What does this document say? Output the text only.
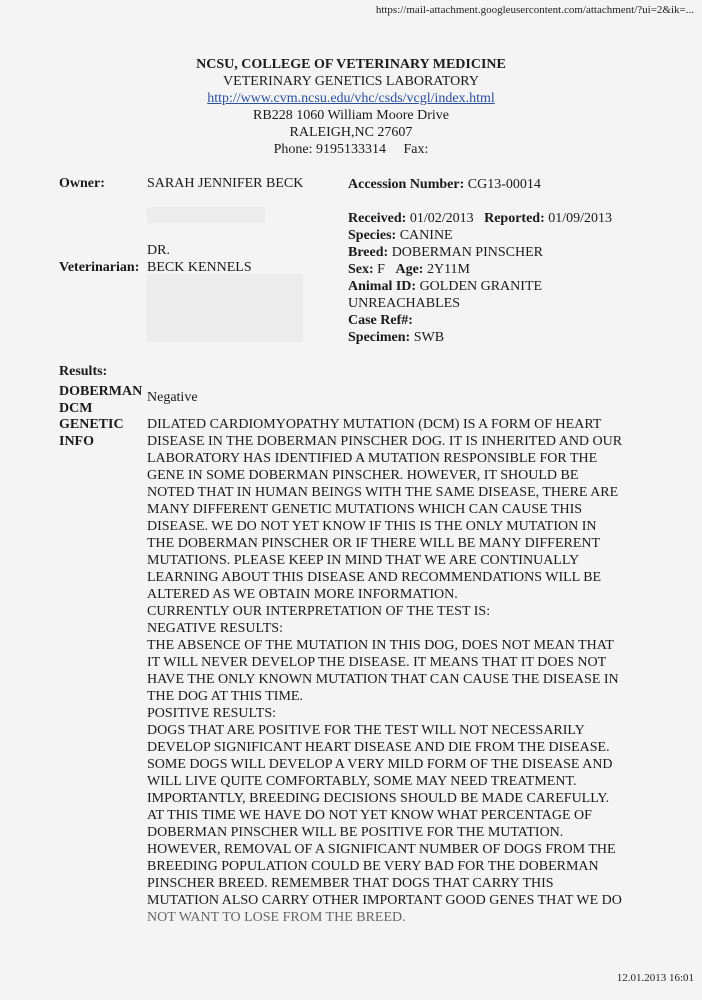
https://mail-attachment.googleusercontent.com/attachment/?ui=2&ik=...
NCSU, COLLEGE OF VETERINARY MEDICINE
VETERINARY GENETICS LABORATORY
http://www.cvm.ncsu.edu/vhc/csds/vcgl/index.html
RB228 1060 William Moore Drive
RALEIGH,NC 27607
Phone: 9195133314 Fax:
Owner:	SARAH JENNIFER BECK	Accession Number: CG13-00014
Received: 01/02/2013 Reported: 01/09/2013
Species: CANINE
Breed: DOBERMAN PINSCHER
Sex: F Age: 2Y11M
Animal ID: GOLDEN GRANITE
UNREACHABLES
Case Ref#:
Specimen: SWB
DR.
Veterinarian: BECK KENNELS
Results:
DOBERMAN
DCM
Negative
GENETIC
INFO
DILATED CARDIOMYOPATHY MUTATION (DCM) IS A FORM OF HEART
DISEASE IN THE DOBERMAN PINSCHER DOG. IT IS INHERITED AND OUR
LABORATORY HAS IDENTIFIED A MUTATION RESPONSIBLE FOR THE
GENE IN SOME DOBERMAN PINSCHER. HOWEVER, IT SHOULD BE
NOTED THAT IN HUMAN BEINGS WITH THE SAME DISEASE, THERE ARE
MANY DIFFERENT GENETIC MUTATIONS WHICH CAN CAUSE THIS
DISEASE. WE DO NOT YET KNOW IF THIS IS THE ONLY MUTATION IN
THE DOBERMAN PINSCHER OR IF THERE WILL BE MANY DIFFERENT
MUTATIONS. PLEASE KEEP IN MIND THAT WE ARE CONTINUALLY
LEARNING ABOUT THIS DISEASE AND RECOMMENDATIONS WILL BE
ALTERED AS WE OBTAIN MORE INFORMATION.
CURRENTLY OUR INTERPRETATION OF THE TEST IS:
NEGATIVE RESULTS:
THE ABSENCE OF THE MUTATION IN THIS DOG, DOES NOT MEAN THAT
IT WILL NEVER DEVELOP THE DISEASE. IT MEANS THAT IT DOES NOT
HAVE THE ONLY KNOWN MUTATION THAT CAN CAUSE THE DISEASE IN
THE DOG AT THIS TIME.
POSITIVE RESULTS:
DOGS THAT ARE POSITIVE FOR THE TEST WILL NOT NECESSARILY
DEVELOP SIGNIFICANT HEART DISEASE AND DIE FROM THE DISEASE.
SOME DOGS WILL DEVELOP A VERY MILD FORM OF THE DISEASE AND
WILL LIVE QUITE COMFORTABLY, SOME MAY NEED TREATMENT.
IMPORTANTLY, BREEDING DECISIONS SHOULD BE MADE CAREFULLY.
AT THIS TIME WE HAVE DO NOT YET KNOW WHAT PERCENTAGE OF
DOBERMAN PINSCHER WILL BE POSITIVE FOR THE MUTATION.
HOWEVER, REMOVAL OF A SIGNIFICANT NUMBER OF DOGS FROM THE
BREEDING POPULATION COULD BE VERY BAD FOR THE DOBERMAN
PINSCHER BREED. REMEMBER THAT DOGS THAT CARRY THIS
MUTATION ALSO CARRY OTHER IMPORTANT GOOD GENES THAT WE DO
NOT WANT TO LOSE FROM THE BREED.
12.01.2013 16:01
